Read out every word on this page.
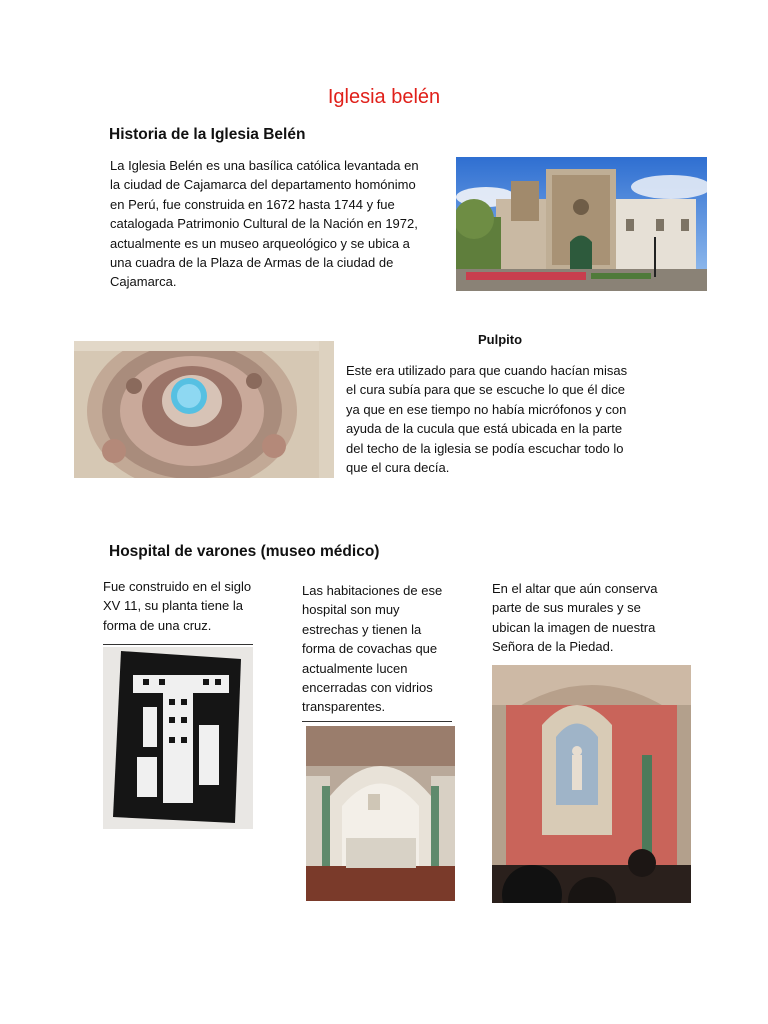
Iglesia belén
Historia de la Iglesia Belén
La Iglesia Belén es una basílica católica levantada en
la ciudad de Cajamarca del departamento homónimo
en Perú, fue construida en 1672 hasta 1744 y fue
catalogada Patrimonio Cultural de la Nación en 1972,
actualmente es un museo arqueológico y se ubica a
una cuadra de la Plaza de Armas de la ciudad de
Cajamarca.
Pulpito
Este era utilizado para que cuando hacían misas
el cura subía para que se escuche lo que él dice
ya que en ese tiempo no había micrófonos y con
ayuda de la cucula que está ubicada en la parte
del techo de la iglesia se podía escuchar todo lo
que el cura decía.
Hospital de varones (museo médico)
Fue construido en el siglo
XV 11, su planta tiene la
forma de una cruz.
Las habitaciones de ese
hospital son muy
estrechas y tienen la
forma de covachas que
actualmente lucen
encerradas con vidrios
transparentes.
En el altar que aún conserva
parte de sus murales y se
ubican la imagen de nuestra
Señora de la Piedad.
